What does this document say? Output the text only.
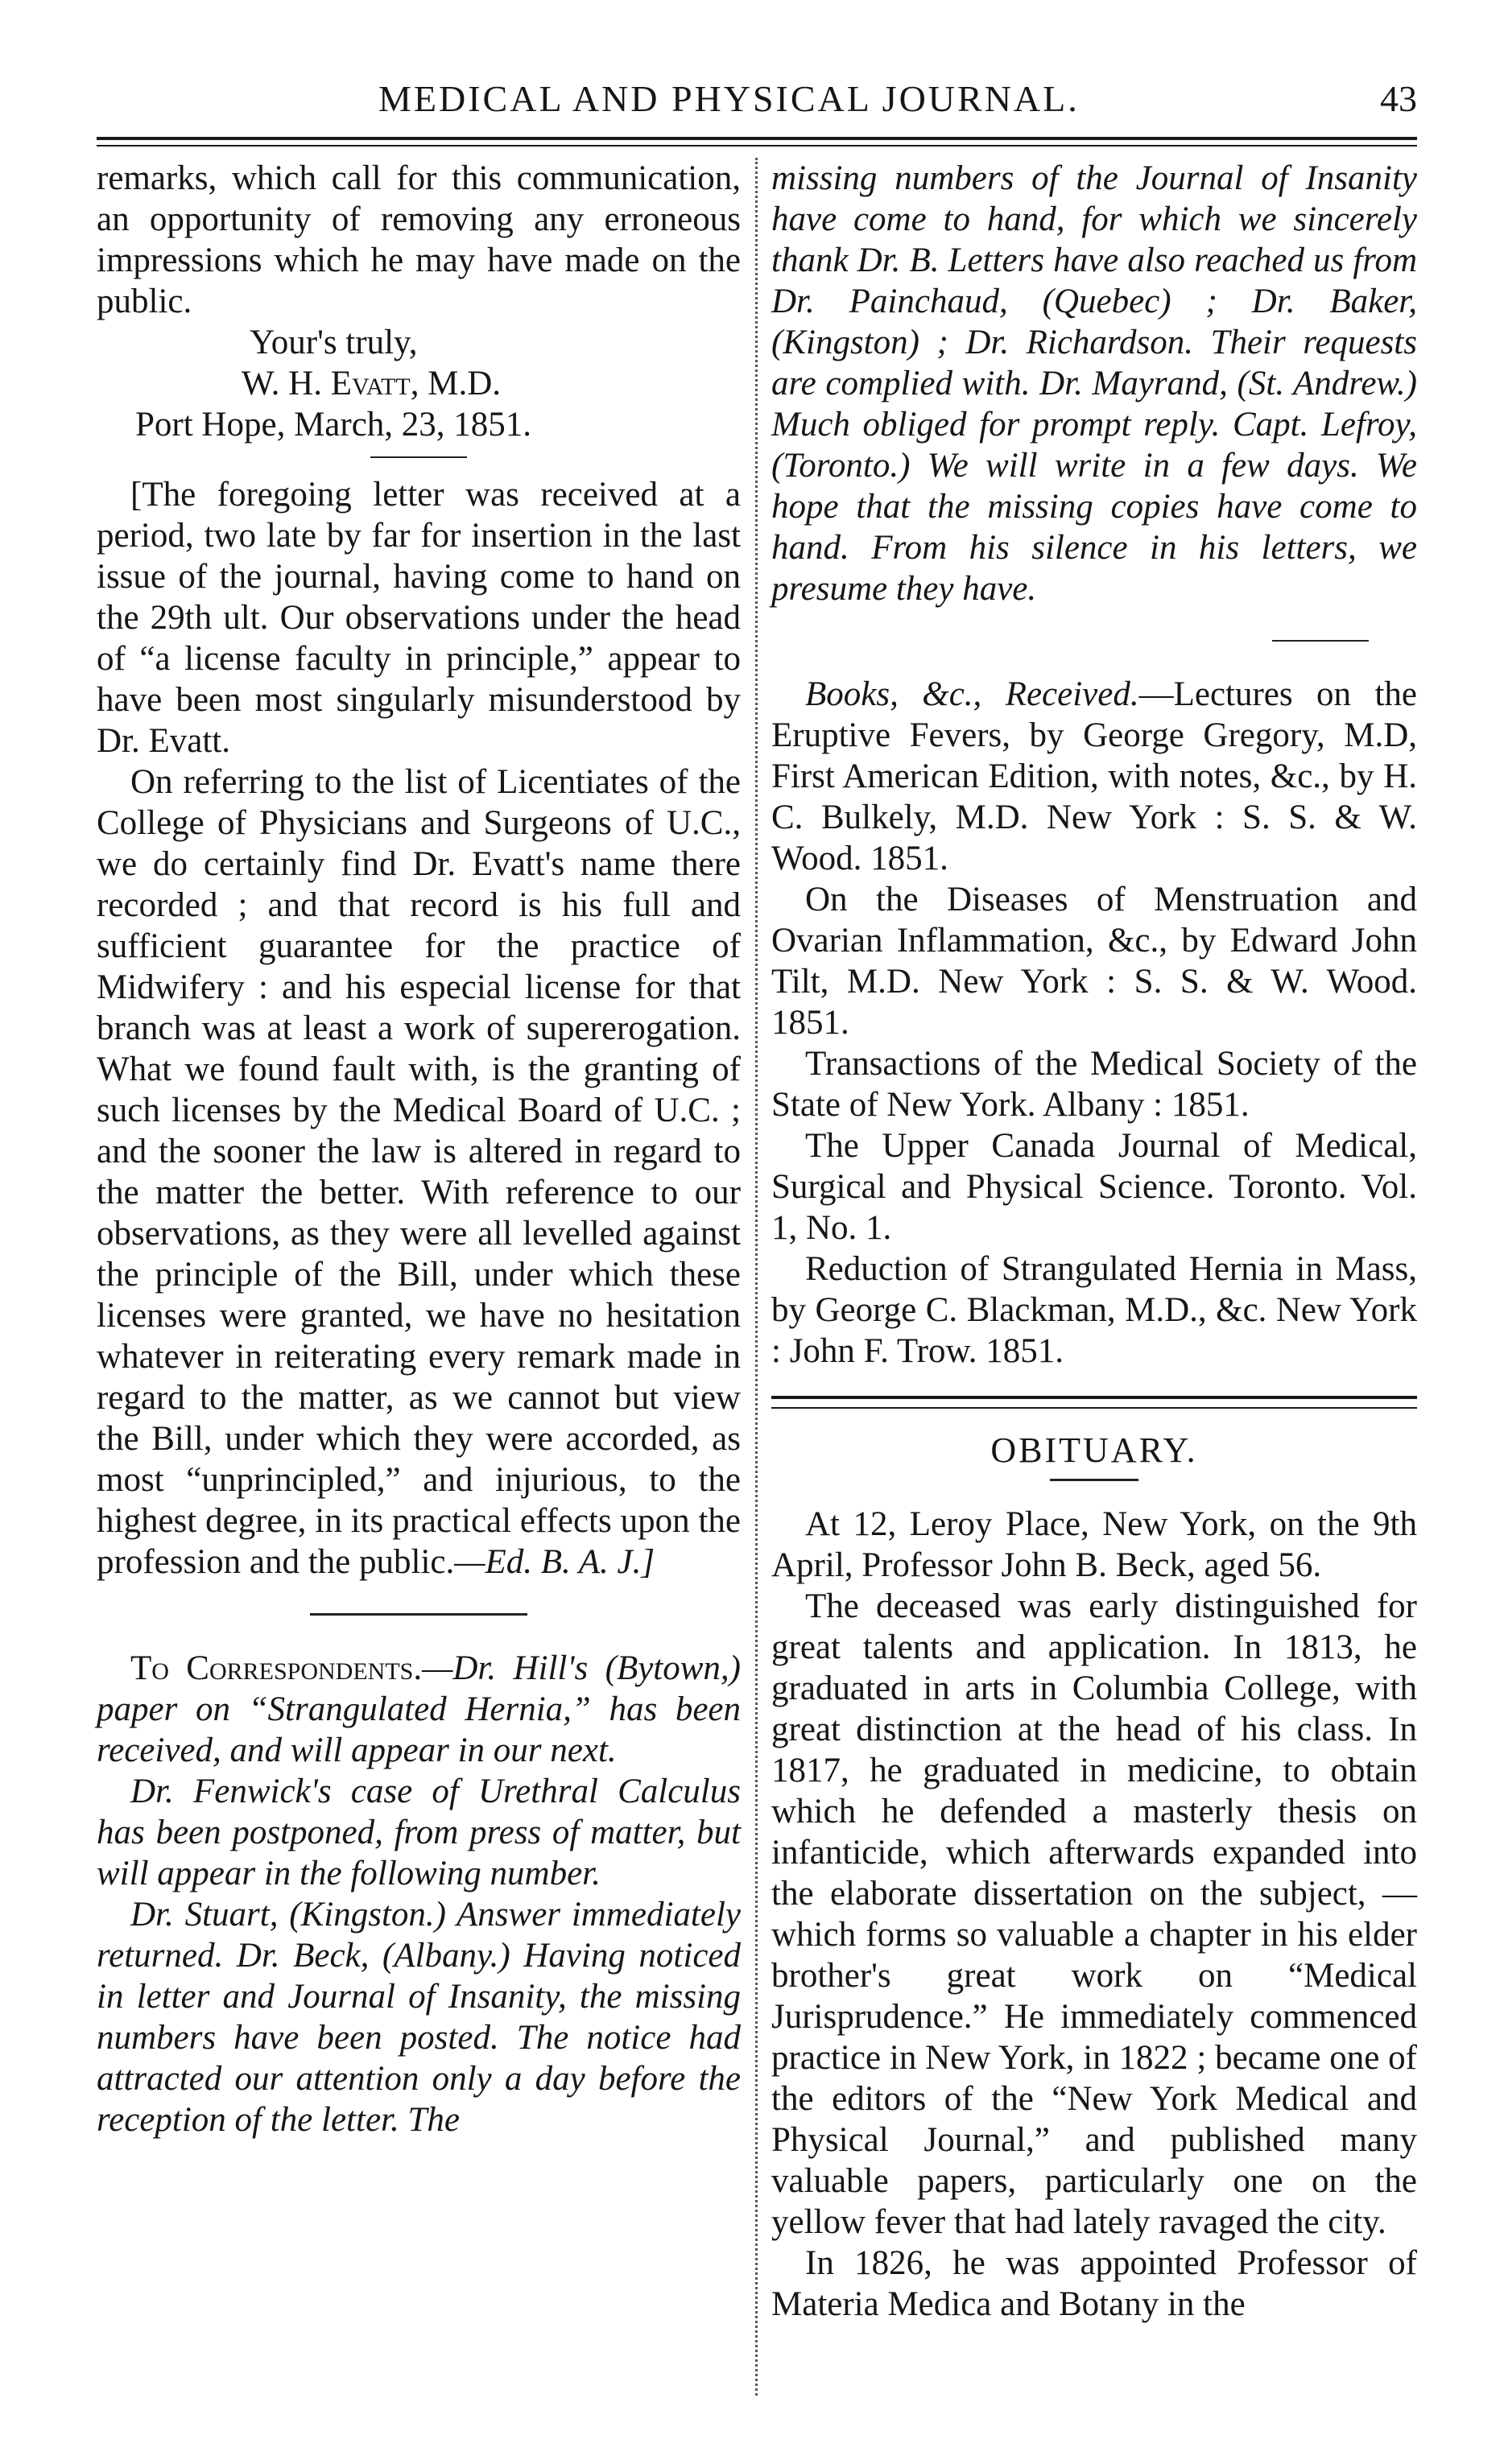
MEDICAL AND PHYSICAL JOURNAL.	43

remarks, which call for this communication, an opportunity of removing any erroneous impressions which he may have made on the public.

Your's truly,

W. H. Evatt, M.D.

Port Hope, March, 23, 1851.

[The foregoing letter was received at a period, two late by far for insertion in the last issue of the journal, having come to hand on the 29th ult. Our observations under the head of “a license faculty in principle,” appear to have been most singularly misunderstood by Dr. Evatt.

On referring to the list of Licentiates of the College of Physicians and Surgeons of U.C., we do certainly find Dr. Evatt's name there recorded ; and that record is his full and sufficient guarantee for the practice of Midwifery : and his especial license for that branch was at least a work of supererogation. What we found fault with, is the granting of such licenses by the Medical Board of U.C. ; and the sooner the law is altered in regard to the matter the better. With reference to our observations, as they were all levelled against the principle of the Bill, under which these licenses were granted, we have no hesitation whatever in reiterating every remark made in regard to the matter, as we cannot but view the Bill, under which they were accorded, as most “unprincipled,” and injurious, to the highest degree, in its practical effects upon the profession and the public.—Ed. B. A. J.]

To Correspondents.—Dr. Hill's (Bytown,) paper on “Strangulated Hernia,” has been received, and will appear in our next.

Dr. Fenwick's case of Urethral Calculus has been postponed, from press of matter, but will appear in the following number.

Dr. Stuart, (Kingston.) Answer immediately returned. Dr. Beck, (Albany.) Having noticed in letter and Journal of Insanity, the missing numbers have been posted. The notice had attracted our attention only a day before the reception of the letter. The

missing numbers of the Journal of Insanity have come to hand, for which we sincerely thank Dr. B. Letters have also reached us from Dr. Painchaud, (Quebec) ; Dr. Baker, (Kingston) ; Dr. Richardson. Their requests are complied with. Dr. Mayrand, (St. Andrew.) Much obliged for prompt reply. Capt. Lefroy, (Toronto.) We will write in a few days. We hope that the missing copies have come to hand. From his silence in his letters, we presume they have.

Books, &c., Received.—Lectures on the Eruptive Fevers, by George Gregory, M.D, First American Edition, with notes, &c., by H. C. Bulkely, M.D. New York : S. S. & W. Wood. 1851.

On the Diseases of Menstruation and Ovarian Inflammation, &c., by Edward John Tilt, M.D. New York : S. S. & W. Wood. 1851.

Transactions of the Medical Society of the State of New York. Albany : 1851.

The Upper Canada Journal of Medical, Surgical and Physical Science. Toronto. Vol. 1, No. 1.

Reduction of Strangulated Hernia in Mass, by George C. Blackman, M.D., &c. New York : John F. Trow. 1851.

OBITUARY.

At 12, Leroy Place, New York, on the 9th April, Professor John B. Beck, aged 56.

The deceased was early distinguished for great talents and application. In 1813, he graduated in arts in Columbia College, with great distinction at the head of his class. In 1817, he graduated in medicine, to obtain which he defended a masterly thesis on infanticide, which afterwards expanded into the elaborate dissertation on the subject, —which forms so valuable a chapter in his elder brother's great work on “Medical Jurisprudence.” He immediately commenced practice in New York, in 1822 ; became one of the editors of the “New York Medical and Physical Journal,” and published many valuable papers, particularly one on the yellow fever that had lately ravaged the city.

In 1826, he was appointed Professor of Materia Medica and Botany in the
